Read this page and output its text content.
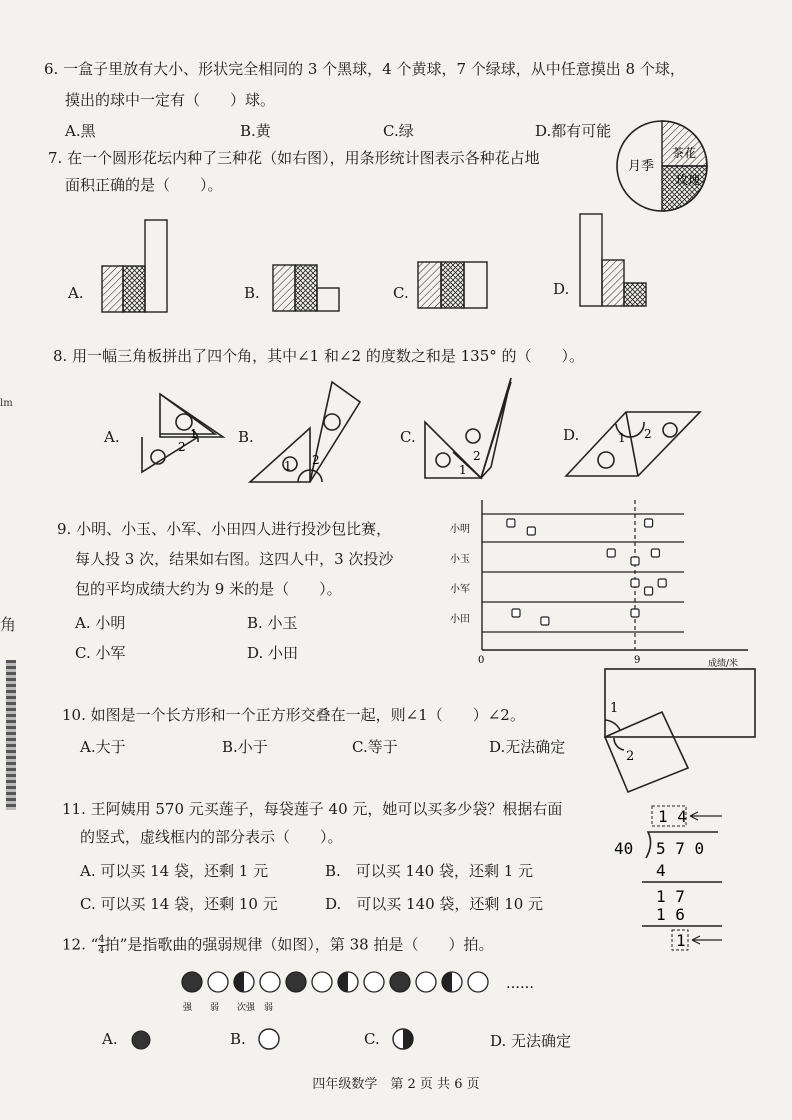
lm
角
6. 一盒子里放有大小、形状完全相同的 3 个黑球，4 个黄球，7 个绿球，从中任意摸出 8 个球，
摸出的球中一定有（　　）球。
A.黑	B.黄	C.绿	D.都有可能
7. 在一个圆形花坛内种了三种花（如右图），用条形统计图表示各种花占地
面积正确的是（　　）。
月季
茶花
玫瑰
A.	B.	C.	D.
8. 用一幅三角板拼出了四个角，其中∠1 和∠2 的度数之和是 135° 的（　　）。
A.	1
2
B.
1 2
C.
1
2
D.	1 2
9. 小明、小玉、小军、小田四人进行投沙包比赛，
每人投 3 次，结果如右图。这四人中，3 次投沙
包的平均成绩大约为 9 米的是（　　）。
A. 小明	B. 小玉
C. 小军	D. 小田	0	9	成绩/米
小明
小玉
小军
小田
10. 如图是一个长方形和一个正方形交叠在一起，则∠1（　　）∠2。
A.大于	B.小于	C.等于	D.无法确定
1
2
11. 王阿姨用 570 元买莲子，每袋莲子 40 元，她可以买多少袋？根据右面
的竖式，虚线框内的部分表示（　　）。
A. 可以买 14 袋，还剩 1 元	B.　可以买 140 袋，还剩 1 元
C. 可以买 14 袋，还剩 10 元	D.　可以买 140 袋，还剩 10 元
1 4
40 5 7 0
4
1 7
1 6
1
12. “ $\frac{4}{4}$拍”是指歌曲的强弱规律（如图），第 38 拍是（　　）拍。
……
强 弱 次强 弱
A.	B.	C.	D. 无法确定
四年级数学　第 2 页 共 6 页
